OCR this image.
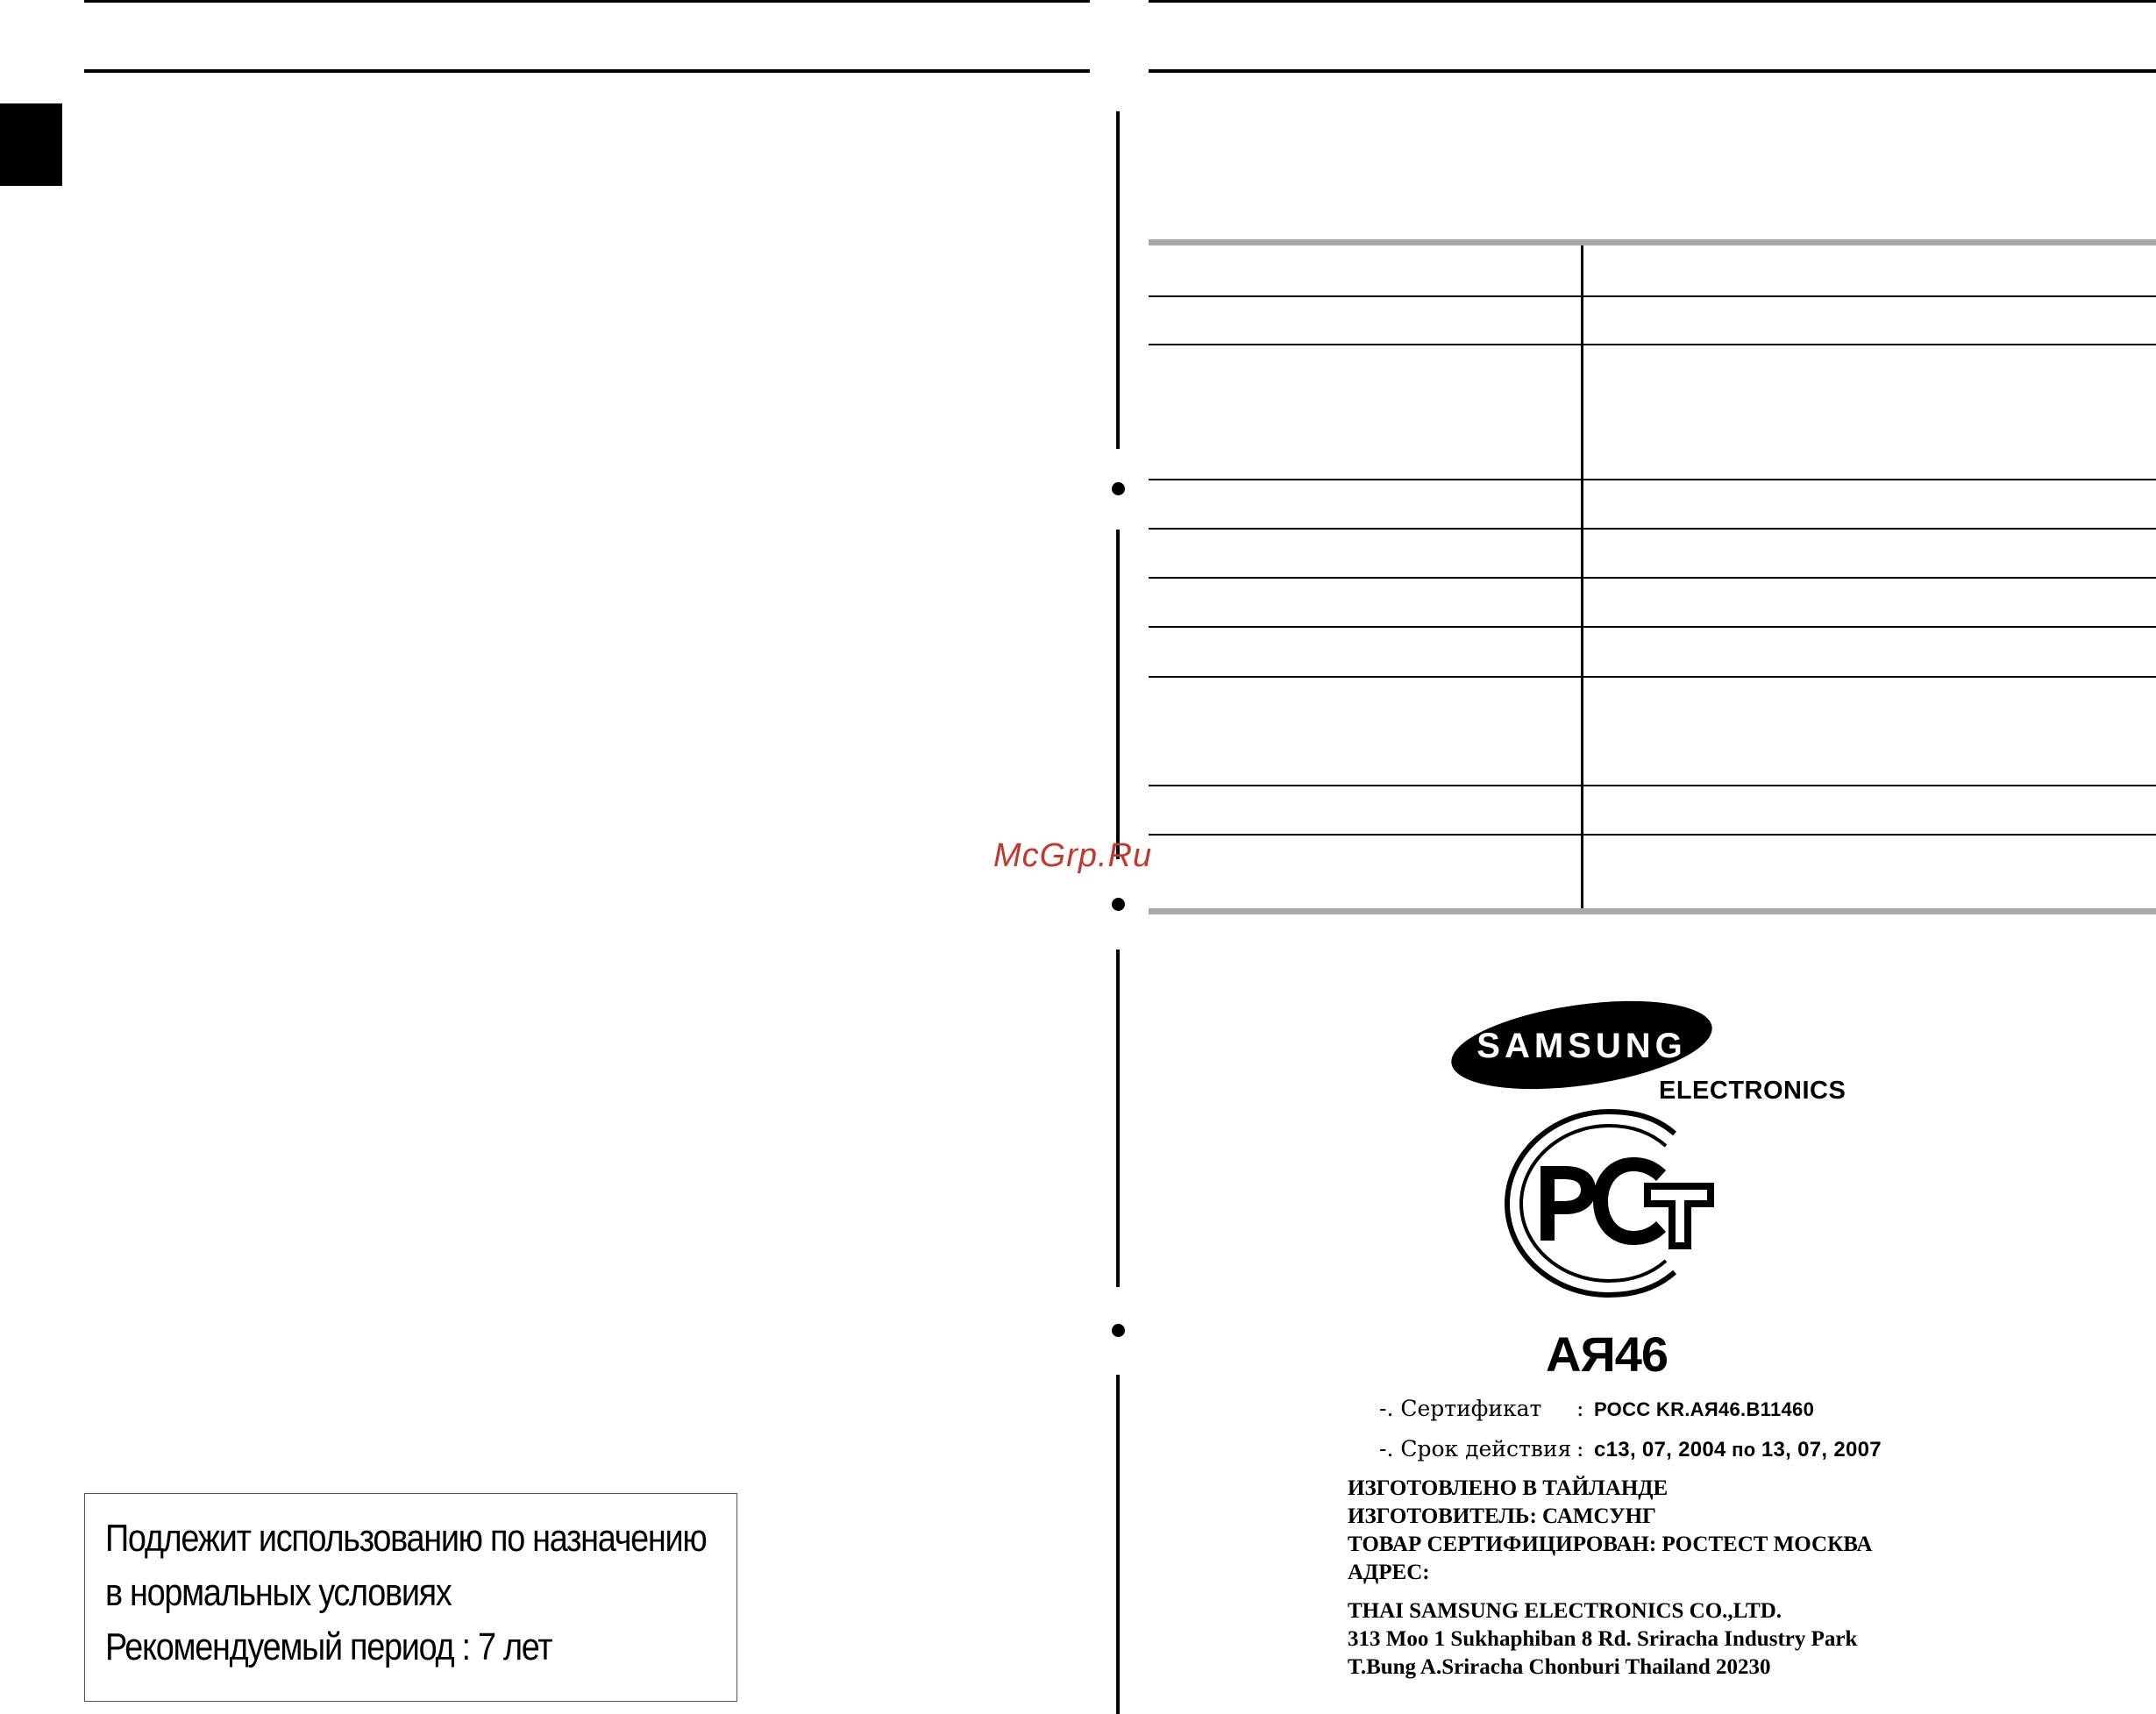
Подлежит использованию по назначению
в нормальных условиях
Рекомендуемый период : 7 лет
McGrp.Ru
SAMSUNG
ELECTRONICS
AЯ46
-. Сертификат : РОСС KR.AЯ46.B11460
-. Срок действия : с13, 07, 2004 по 13, 07, 2007
ИЗГОТОВЛЕНО В ТАЙЛАНДЕ
ИЗГОТОВИТЕЛЬ: САМСУНГ
ТОВАР СЕРТИФИЦИРОВАН: РОСТЕСТ МОСКВА
АДРЕС:
THAI SAMSUNG ELECTRONICS CO.,LTD.
313 Moo 1 Sukhaphiban 8 Rd. Sriracha Industry Park
T.Bung A.Sriracha Chonburi Thailand 20230
